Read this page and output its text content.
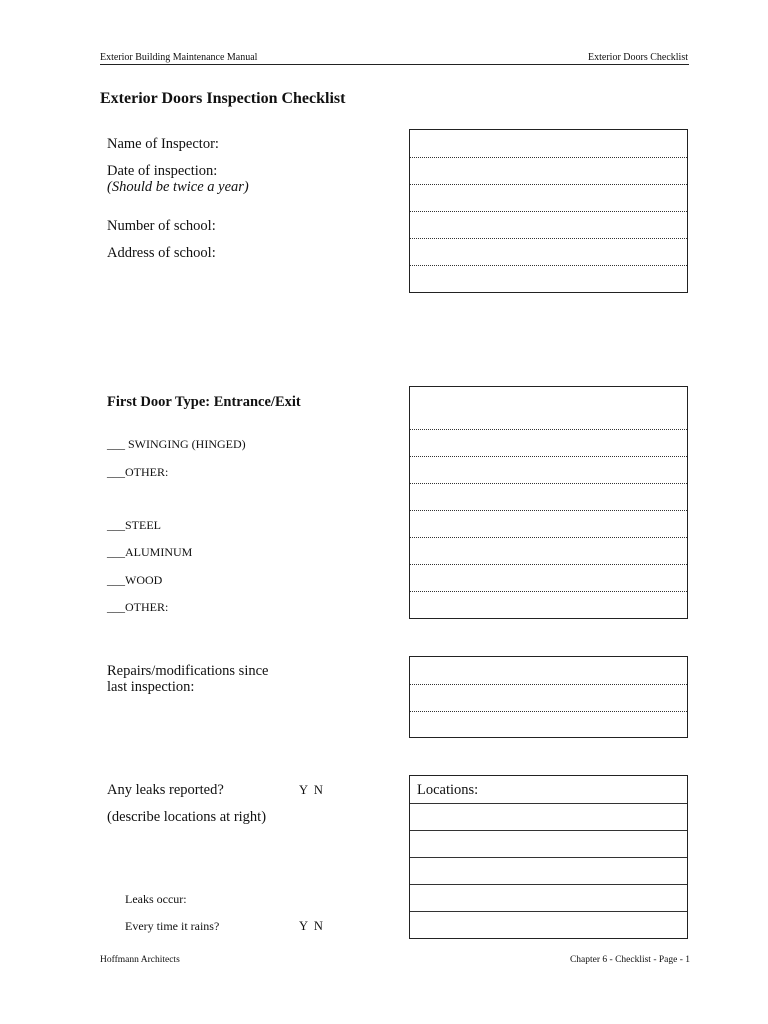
Exterior Building Maintenance Manual	Exterior Doors Checklist
Exterior Doors Inspection Checklist
Name of Inspector:
Date of inspection:
(Should be twice a year)
Number of school:
Address of school:
First Door Type: Entrance/Exit
___ SWINGING (HINGED)
___OTHER:
___STEEL
___ALUMINUM
___WOOD
___OTHER:
Repairs/modifications since
last inspection:
Any leaks reported?	Y  N
(describe locations at right)
Leaks occur:
Every time it rains?	Y  N
Locations:
Hoffmann Architects	Chapter 6 - Checklist - Page - 1
